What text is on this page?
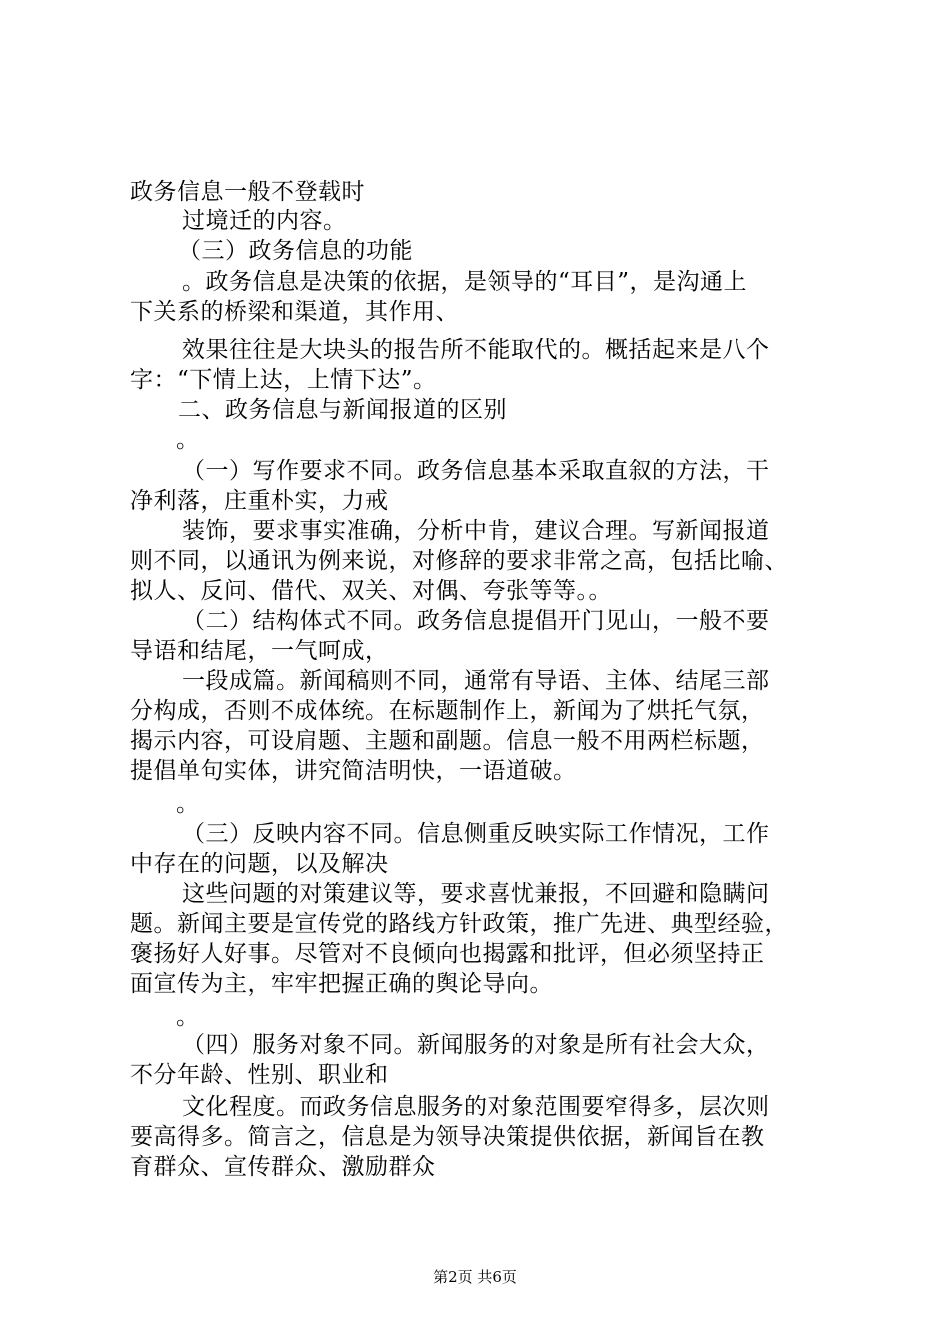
政务信息一般不登载时
过境迁的内容。
（三）政务信息的功能
。政务信息是决策的依据，是领导的“耳目”，是沟通上
下关系的桥梁和渠道，其作用、
效果往往是大块头的报告所不能取代的。概括起来是八个
字：“下情上达，上情下达”。
二、政务信息与新闻报道的区别
。
（一）写作要求不同。政务信息基本采取直叙的方法，干
净利落，庄重朴实，力戒
装饰，要求事实准确，分析中肯，建议合理。写新闻报道
则不同，以通讯为例来说，对修辞的要求非常之高，包括比喻、
拟人、反问、借代、双关、对偶、夸张等等。。
（二）结构体式不同。政务信息提倡开门见山，一般不要
导语和结尾，一气呵成，
一段成篇。新闻稿则不同，通常有导语、主体、结尾三部
分构成，否则不成体统。在标题制作上，新闻为了烘托气氛，
揭示内容，可设肩题、主题和副题。信息一般不用两栏标题，
提倡单句实体，讲究简洁明快，一语道破。
。
（三）反映内容不同。信息侧重反映实际工作情况，工作
中存在的问题，以及解决
这些问题的对策建议等，要求喜忧兼报，不回避和隐瞒问
题。新闻主要是宣传党的路线方针政策，推广先进、典型经验，
褒扬好人好事。尽管对不良倾向也揭露和批评，但必须坚持正
面宣传为主，牢牢把握正确的舆论导向。
。
（四）服务对象不同。新闻服务的对象是所有社会大众，
不分年龄、性别、职业和
文化程度。而政务信息服务的对象范围要窄得多，层次则
要高得多。简言之，信息是为领导决策提供依据，新闻旨在教
育群众、宣传群众、激励群众
第2页 共6页
